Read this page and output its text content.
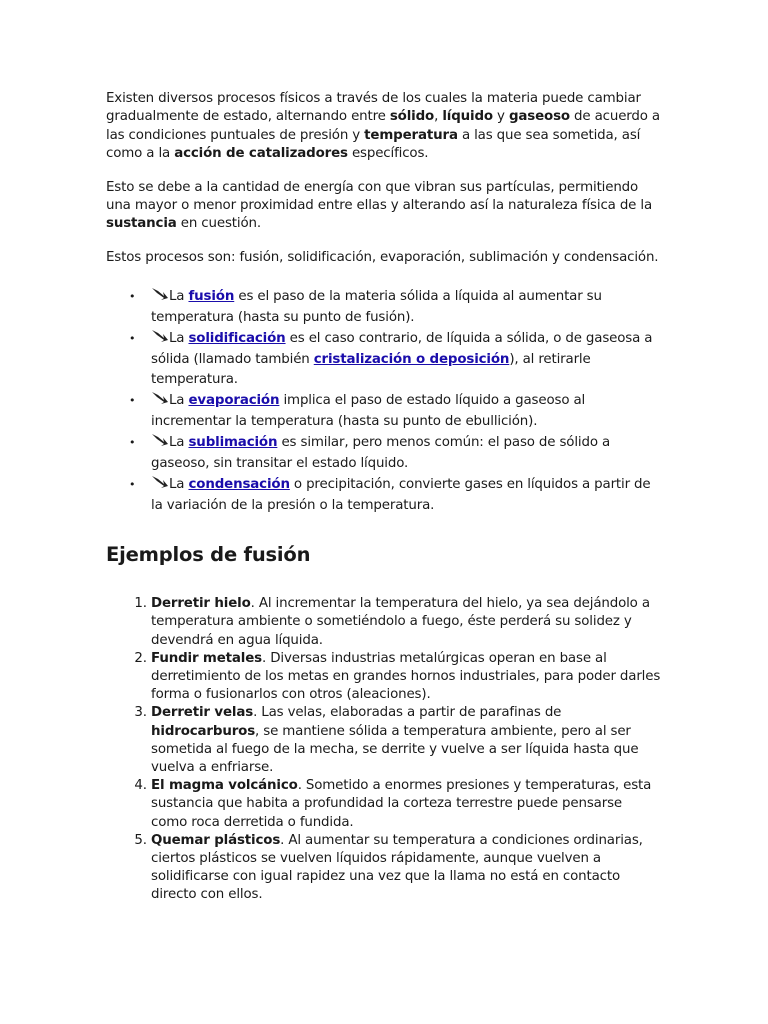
Existen diversos procesos físicos a través de los cuales la materia puede cambiar gradualmente de estado, alternando entre sólido, líquido y gaseoso de acuerdo a las condiciones puntuales de presión y temperatura a las que sea sometida, así como a la acción de catalizadores específicos.

Esto se debe a la cantidad de energía con que vibran sus partículas, permitiendo una mayor o menor proximidad entre ellas y alterando así la naturaleza física de la sustancia en cuestión.

Estos procesos son: fusión, solidificación, evaporación, sublimación y condensación.

•	La fusión es el paso de la materia sólida a líquida al aumentar su temperatura (hasta su punto de fusión).
•	La solidificación es el caso contrario, de líquida a sólida, o de gaseosa a sólida (llamado también cristalización o deposición), al retirarle temperatura.
•	La evaporación implica el paso de estado líquido a gaseoso al incrementar la temperatura (hasta su punto de ebullición).
•	La sublimación es similar, pero menos común: el paso de sólido a gaseoso, sin transitar el estado líquido.
•	La condensación o precipitación, convierte gases en líquidos a partir de la variación de la presión o la temperatura.
Ejemplos de fusión
1. Derretir hielo. Al incrementar la temperatura del hielo, ya sea dejándolo a temperatura ambiente o sometiéndolo a fuego, éste perderá su solidez y devendrá en agua líquida.
2. Fundir metales. Diversas industrias metalúrgicas operan en base al derretimiento de los metas en grandes hornos industriales, para poder darles forma o fusionarlos con otros (aleaciones).
3. Derretir velas. Las velas, elaboradas a partir de parafinas de hidrocarburos, se mantiene sólida a temperatura ambiente, pero al ser sometida al fuego de la mecha, se derrite y vuelve a ser líquida hasta que vuelva a enfriarse.
4. El magma volcánico. Sometido a enormes presiones y temperaturas, esta sustancia que habita a profundidad la corteza terrestre puede pensarse como roca derretida o fundida.
5. Quemar plásticos. Al aumentar su temperatura a condiciones ordinarias, ciertos plásticos se vuelven líquidos rápidamente, aunque vuelven a solidificarse con igual rapidez una vez que la llama no está en contacto directo con ellos.
